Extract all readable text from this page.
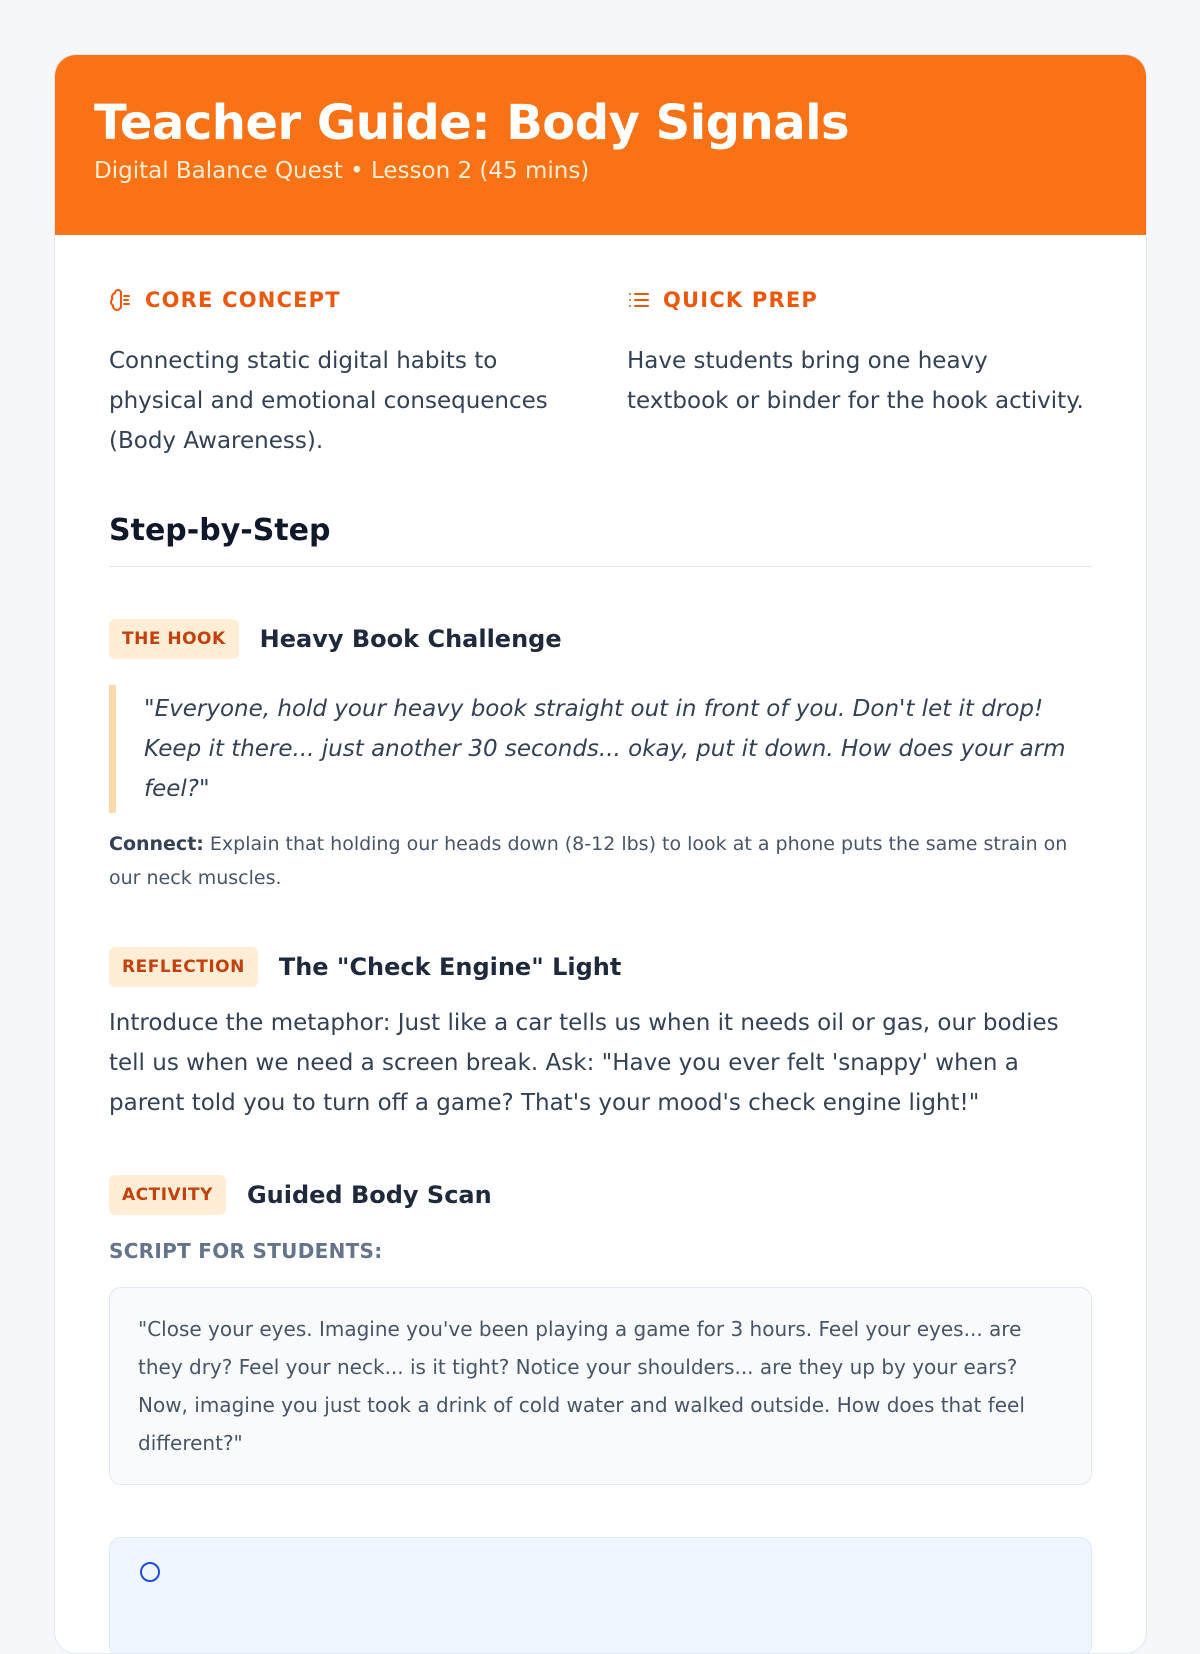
Teacher Guide: Body Signals
Digital Balance Quest • Lesson 2 (45 mins)
CORE CONCEPT
Connecting static digital habits to physical and emotional consequences (Body Awareness).
QUICK PREP
Have students bring one heavy textbook or binder for the hook activity.
Step-by-Step
THE HOOK	Heavy Book Challenge
"Everyone, hold your heavy book straight out in front of you. Don't let it drop! Keep it there... just another 30 seconds... okay, put it down. How does your arm feel?"
Connect: Explain that holding our heads down (8-12 lbs) to look at a phone puts the same strain on our neck muscles.
REFLECTION	The "Check Engine" Light
Introduce the metaphor: Just like a car tells us when it needs oil or gas, our bodies tell us when we need a screen break. Ask: "Have you ever felt 'snappy' when a parent told you to turn off a game? That's your mood's check engine light!"
ACTIVITY	Guided Body Scan
SCRIPT FOR STUDENTS:
"Close your eyes. Imagine you've been playing a game for 3 hours. Feel your eyes... are they dry? Feel your neck... is it tight? Notice your shoulders... are they up by your ears? Now, imagine you just took a drink of cold water and walked outside. How does that feel different?"
